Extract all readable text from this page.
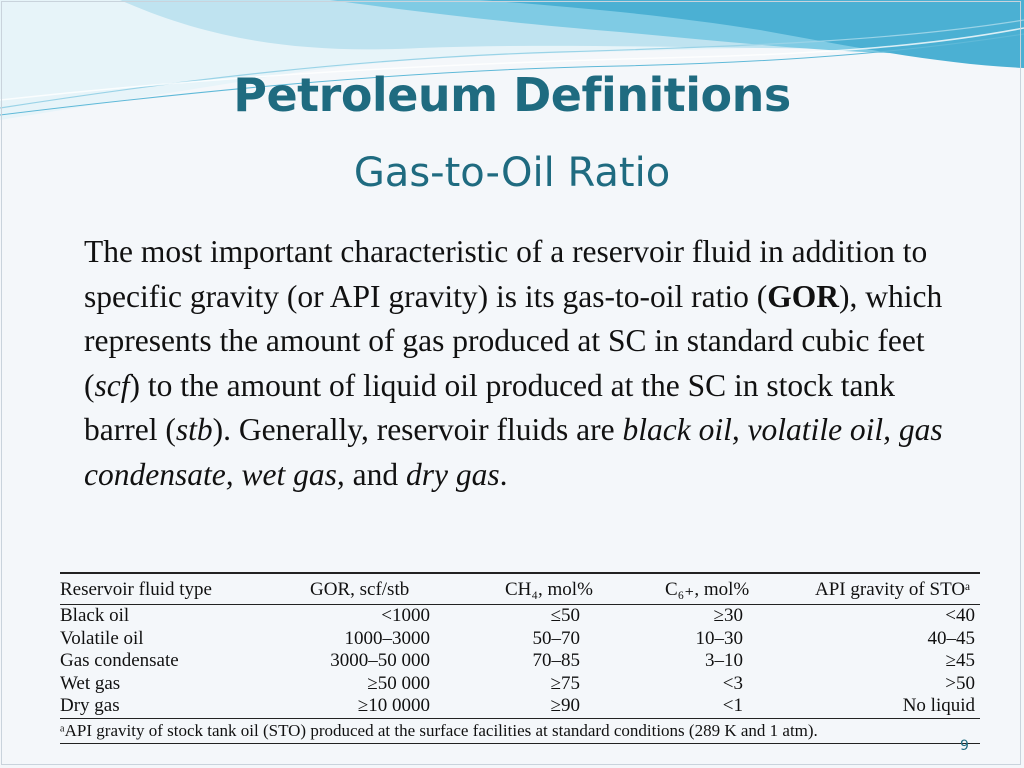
Petroleum Definitions
Gas-to-Oil Ratio
The most important characteristic of a reservoir fluid in addition to specific gravity (or API gravity) is its gas-to-oil ratio (GOR), which represents the amount of gas produced at SC in standard cubic feet (scf) to the amount of liquid oil produced at the SC in stock tank barrel (stb). Generally, reservoir fluids are black oil, volatile oil, gas condensate, wet gas, and dry gas.
Reservoir fluid type	GOR, scf/stb	CH₄, mol%	C₆₊, mol%	API gravity of STOᵃ
Black oil	<1000	≤50	≥30	<40
Volatile oil	1000–3000	50–70	10–30	40–45
Gas condensate	3000–50 000	70–85	3–10	≥45
Wet gas	≥50 000	≥75	<3	>50
Dry gas	≥10 0000	≥90	<1	No liquid
ᵃAPI gravity of stock tank oil (STO) produced at the surface facilities at standard conditions (289 K and 1 atm).
9
